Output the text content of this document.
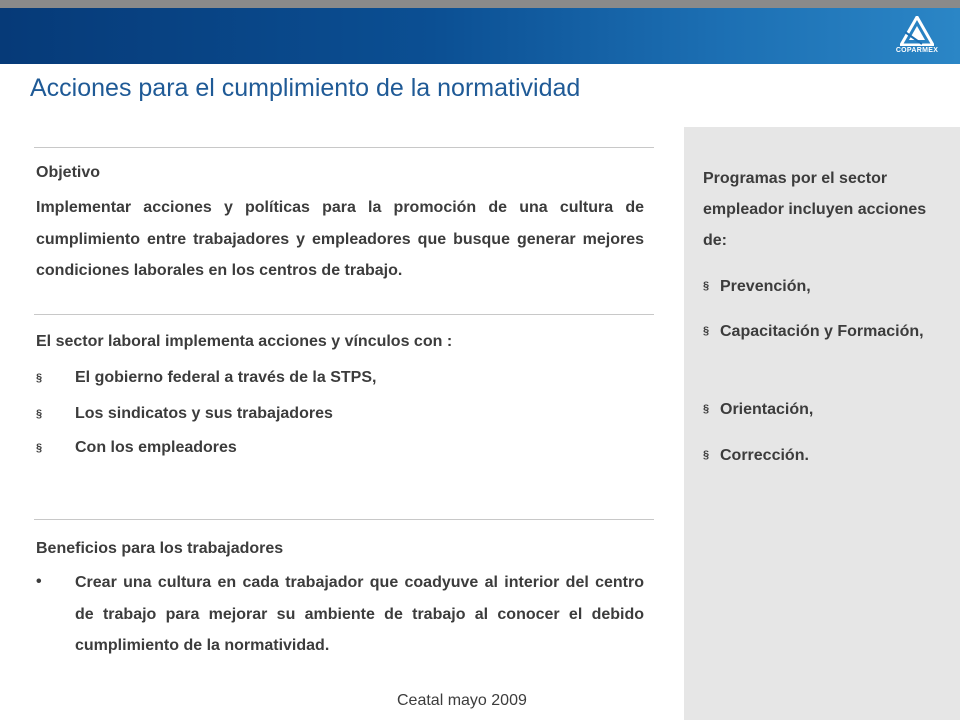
COPARMEX
Acciones para el cumplimiento de la normatividad
Objetivo

Implementar acciones y políticas para la promoción de una cultura de cumplimiento entre trabajadores y empleadores que busque generar mejores condiciones laborales en los centros de trabajo.

El sector laboral implementa acciones y vínculos con :
§ El gobierno federal a través de la STPS,
§ Los sindicatos y sus trabajadores
§ Con los empleadores
Beneficios para los trabajadores
• Crear una cultura en cada trabajador que coadyuve al interior del centro de trabajo para mejorar su ambiente de trabajo al conocer el debido cumplimiento de la normatividad.

Programas por el sector empleador incluyen acciones de:

§ Prevención,
§ Capacitación y Formación,
§ Orientación,
§ Corrección.
Ceatal mayo 2009
